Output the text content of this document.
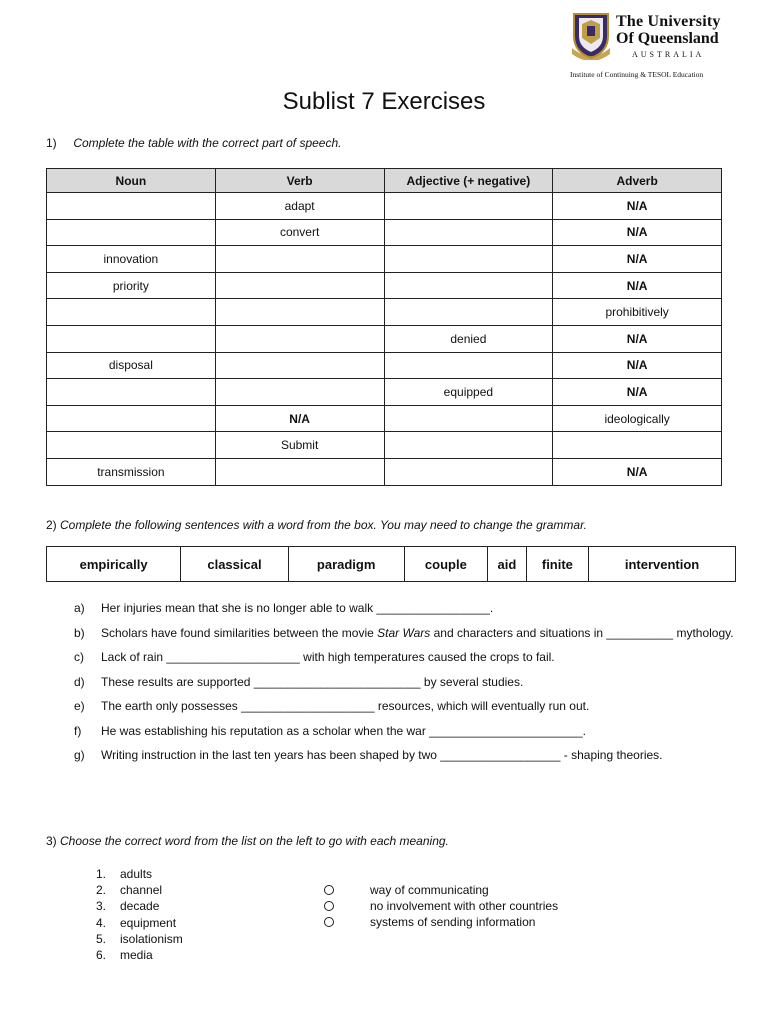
The University
Of Queensland
AUSTRALIA
Institute of Continuing & TESOL Education
Sublist 7 Exercises
1) Complete the table with the correct part of speech.
Noun	Verb	Adjective (+ negative)	Adverb
	adapt		N/A
	convert		N/A
innovation			N/A
priority			N/A
			prohibitively
		denied	N/A
disposal			N/A
		equipped	N/A
	N/A		ideologically
	Submit		
transmission			N/A
2) Complete the following sentences with a word from the box. You may need to change the grammar.
empirically	classical	paradigm	couple	aid	finite	intervention
a) Her injuries mean that she is no longer able to walk _________________.
b) Scholars have found similarities between the movie Star Wars and characters and situations in __________ mythology.
c) Lack of rain ____________________ with high temperatures caused the crops to fail.
d) These results are supported _________________________ by several studies.
e) The earth only possesses ____________________ resources, which will eventually run out.
f) He was establishing his reputation as a scholar when the war _______________________.
g) Writing instruction in the last ten years has been shaped by two __________________ - shaping theories.
3) Choose the correct word from the list on the left to go with each meaning.
1. adults
2. channel
3. decade
4. equipment
5. isolationism
6. media
way of communicating
no involvement with other countries
systems of sending information
